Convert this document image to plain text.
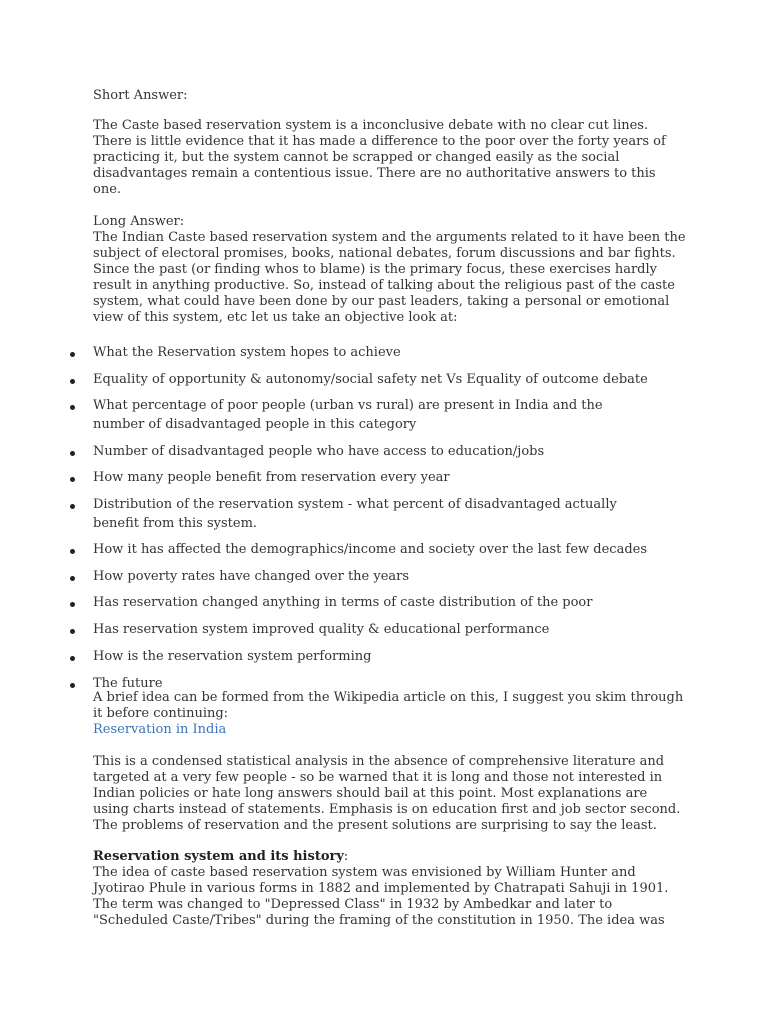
Short Answer:
The Caste based reservation system is a inconclusive debate with no clear cut lines.
There is little evidence that it has made a difference to the poor over the forty years of
practicing it, but the system cannot be scrapped or changed easily as the social
disadvantages remain a contentious issue. There are no authoritative answers to this
one.
Long Answer:
The Indian Caste based reservation system and the arguments related to it have been the
subject of electoral promises, books, national debates, forum discussions and bar fights.
Since the past (or finding whos to blame) is the primary focus, these exercises hardly
result in anything productive. So, instead of talking about the religious past of the caste
system, what could have been done by our past leaders, taking a personal or emotional
view of this system, etc let us take an objective look at:
What the Reservation system hopes to achieve
Equality of opportunity & autonomy/social safety net Vs Equality of outcome debate
What percentage of poor people (urban vs rural) are present in India and the
number of disadvantaged people in this category
Number of disadvantaged people who have access to education/jobs
How many people benefit from reservation every year
Distribution of the reservation system - what percent of disadvantaged actually
benefit from this system.
How it has affected the demographics/income and society over the last few decades
How poverty rates have changed over the years
Has reservation changed anything in terms of caste distribution of the poor
Has reservation system improved quality & educational performance
How is the reservation system performing
The future
A brief idea can be formed from the Wikipedia article on this, I suggest you skim through
it before continuing:
Reservation in India
This is a condensed statistical analysis in the absence of comprehensive literature and
targeted at a very few people - so be warned that it is long and those not interested in
Indian policies or hate long answers should bail at this point. Most explanations are
using charts instead of statements. Emphasis is on education first and job sector second.
The problems of reservation and the present solutions are surprising to say the least.
Reservation system and its history:
The idea of caste based reservation system was envisioned by William Hunter and
Jyotirao Phule in various forms in 1882 and implemented by Chatrapati Sahuji in 1901.
The term was changed to "Depressed Class" in 1932 by Ambedkar and later to
"Scheduled Caste/Tribes" during the framing of the constitution in 1950. The idea was
